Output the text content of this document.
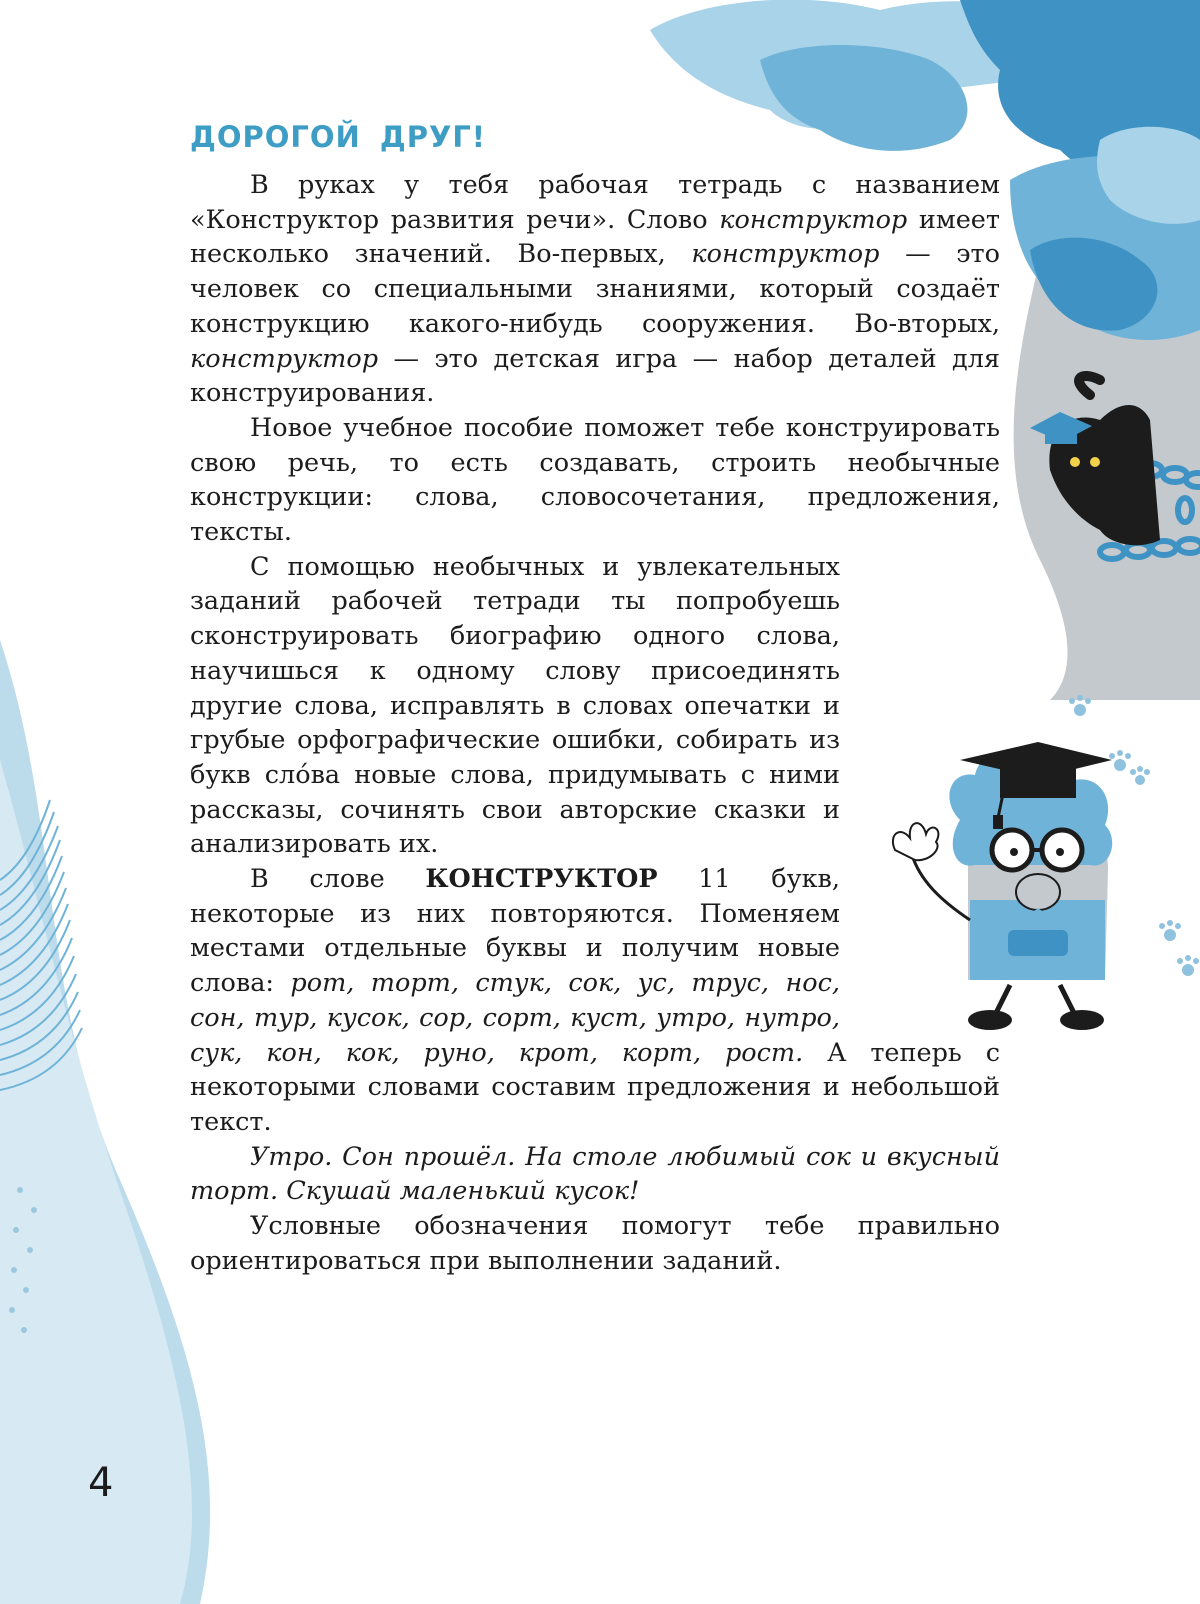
ДОРОГОЙ ДРУГ!

В руках у тебя рабочая тетрадь с названием «Конструктор развития речи». Слово конструктор имеет несколько значений. Во-первых, конструктор — это человек со специальными знаниями, который создаёт конструкцию какого-нибудь сооружения. Во-вторых, конструктор — это детская игра — набор деталей для конструирования.

Новое учебное пособие поможет тебе конструировать свою речь, то есть создавать, строить необычные конструкции: слова, словосочетания, предложения, тексты.

С помощью необычных и увлекательных заданий рабочей тетради ты попробуешь сконструировать биографию одного слова, научишься к одному слову присоединять другие слова, исправлять в словах опечатки и грубые орфографические ошибки, собирать из букв сло́ва новые слова, придумывать с ними рассказы, сочинять свои авторские сказки и анализировать их.

В слове КОНСТРУКТОР 11 букв, некоторые из них повторяются. Поменяем местами отдельные буквы и получим новые слова: рот, торт, стук, сок, ус, трус, нос, сон, тур, кусок, сор, сорт, куст, утро, нутро, сук, кон, кок, руно, крот, корт, рост. А теперь с некоторыми словами составим предложения и небольшой текст.

Утро. Сон прошёл. На столе любимый сок и вкусный торт. Скушай маленький кусок!

Условные обозначения помогут тебе правильно ориентироваться при выполнении заданий.

4
